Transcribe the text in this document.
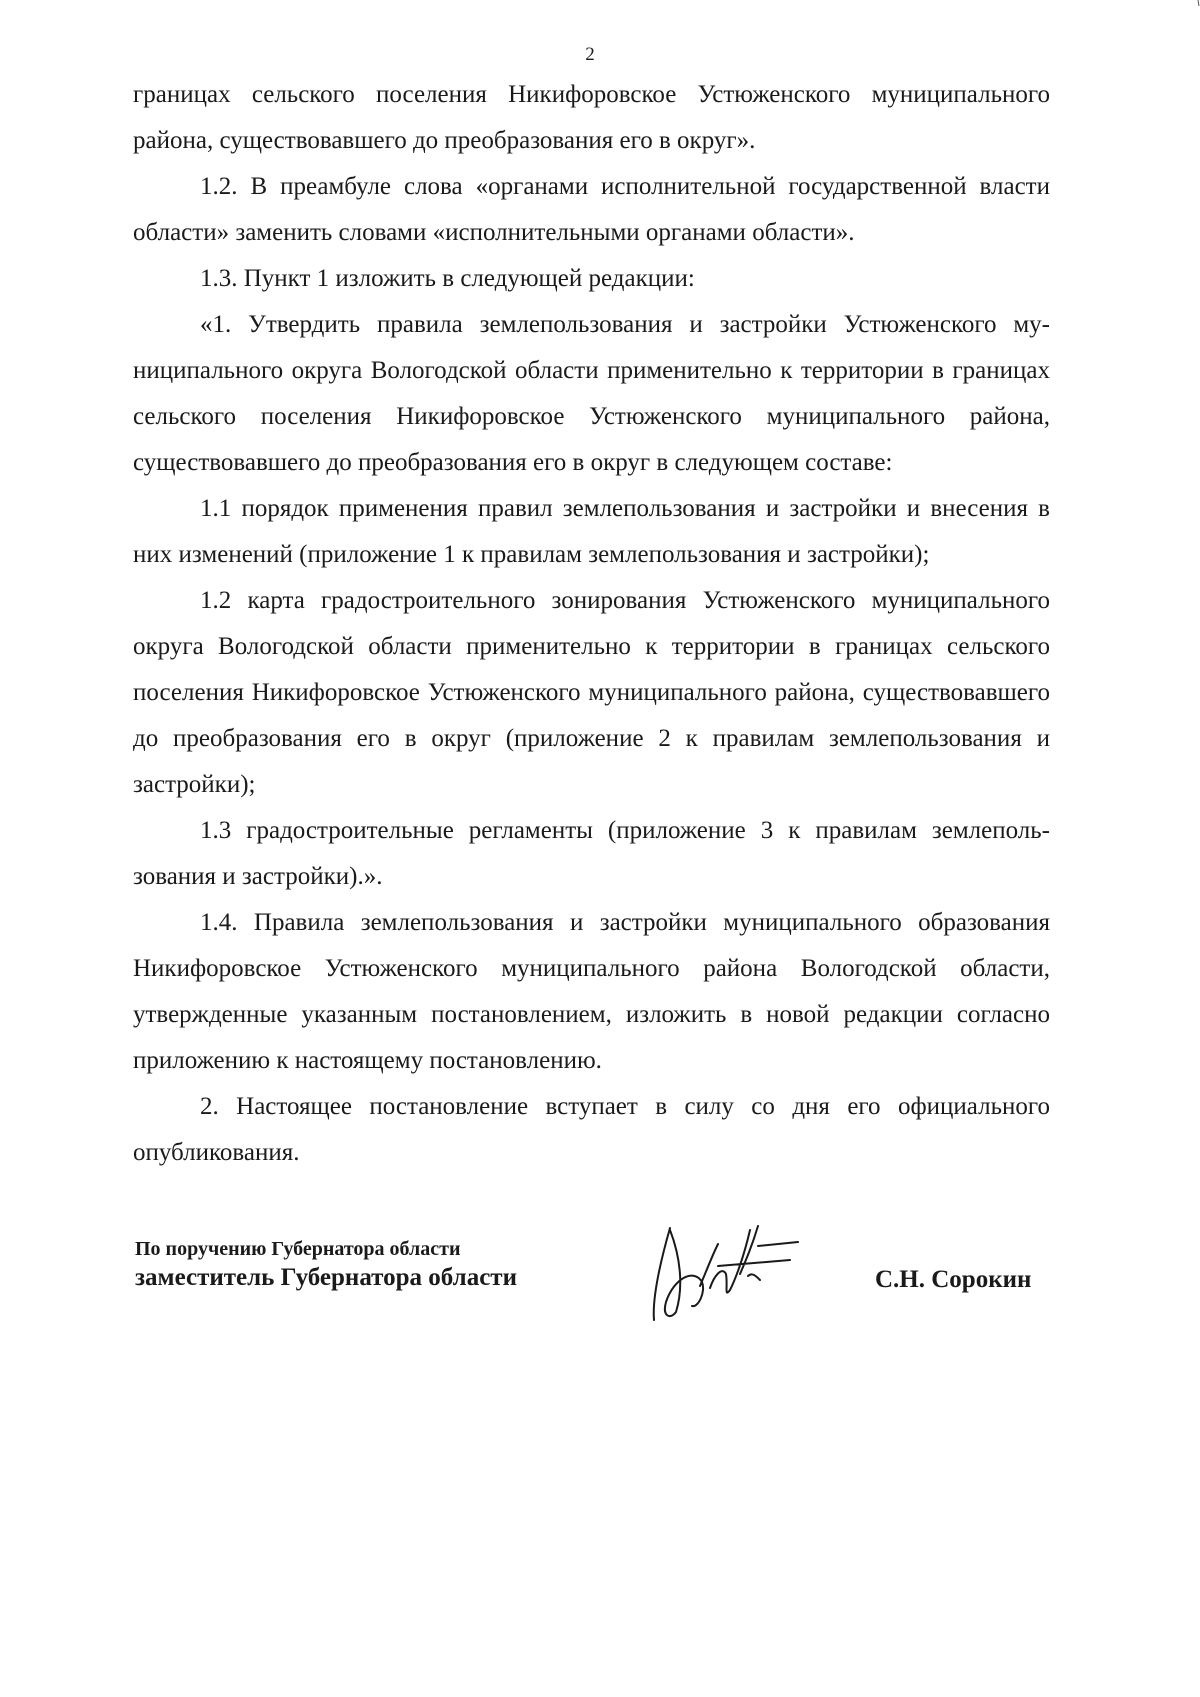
2

границах сельского поселения Никифоровское Устюженского муниципального района, существовавшего до преобразования его в округ».

1.2. В преамбуле слова «органами исполнительной государственной власти области» заменить словами «исполнительными органами области».

1.3. Пункт 1 изложить в следующей редакции:

«1. Утвердить правила землепользования и застройки Устюженского муниципального округа Вологодской области применительно к территории в границах сельского поселения Никифоровское Устюженского муниципального района, существовавшего до преобразования его в округ в следующем составе:

1.1 порядок применения правил землепользования и застройки и внесения в них изменений (приложение 1 к правилам землепользования и застройки);

1.2 карта градостроительного зонирования Устюженского муниципального округа Вологодской области применительно к территории в границах сельского поселения Никифоровское Устюженского муниципального района, существовавшего до преобразования его в округ (приложение 2 к правилам землепользования и застройки);

1.3 градостроительные регламенты (приложение 3 к правилам землепользования и застройки).».

1.4. Правила землепользования и застройки муниципального образования Никифоровское Устюженского муниципального района Вологодской области, утвержденные указанным постановлением, изложить в новой редакции согласно приложению к настоящему постановлению.

2. Настоящее постановление вступает в силу со дня его официального опубликования.

По поручению Губернатора области
заместитель Губернатора области	С.Н. Сорокин
